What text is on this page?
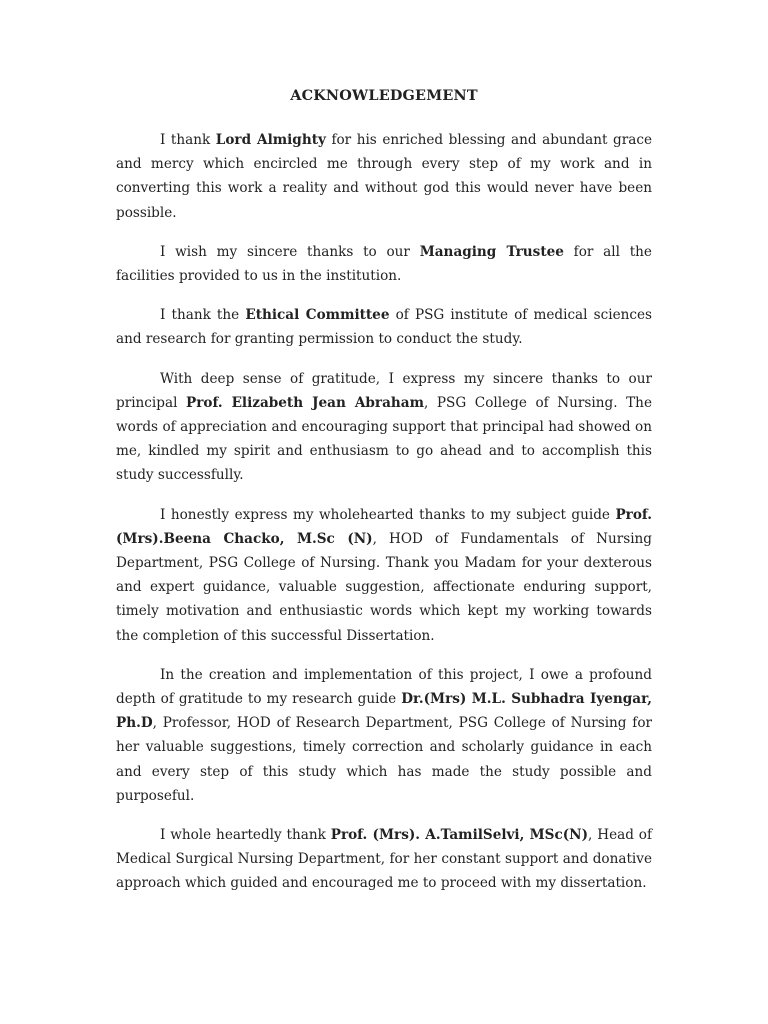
ACKNOWLEDGEMENT

I thank Lord Almighty for his enriched blessing and abundant grace and mercy which encircled me through every step of my work and in converting this work a reality and without god this would never have been possible.

I wish my sincere thanks to our Managing Trustee for all the facilities provided to us in the institution.

I thank the Ethical Committee of PSG institute of medical sciences and research for granting permission to conduct the study.

With deep sense of gratitude, I express my sincere thanks to our principal Prof. Elizabeth Jean Abraham, PSG College of Nursing. The words of appreciation and encouraging support that principal had showed on me, kindled my spirit and enthusiasm to go ahead and to accomplish this study successfully.

I honestly express my wholehearted thanks to my subject guide Prof. (Mrs).Beena Chacko, M.Sc (N), HOD of Fundamentals of Nursing Department, PSG College of Nursing. Thank you Madam for your dexterous and expert guidance, valuable suggestion, affectionate enduring support, timely motivation and enthusiastic words which kept my working towards the completion of this successful Dissertation.

In the creation and implementation of this project, I owe a profound depth of gratitude to my research guide Dr.(Mrs) M.L. Subhadra Iyengar, Ph.D, Professor, HOD of Research Department, PSG College of Nursing for her valuable suggestions, timely correction and scholarly guidance in each and every step of this study which has made the study possible and purposeful.

I whole heartedly thank Prof. (Mrs). A.TamilSelvi, MSc(N), Head of Medical Surgical Nursing Department, for her constant support and donative approach which guided and encouraged me to proceed with my dissertation.
